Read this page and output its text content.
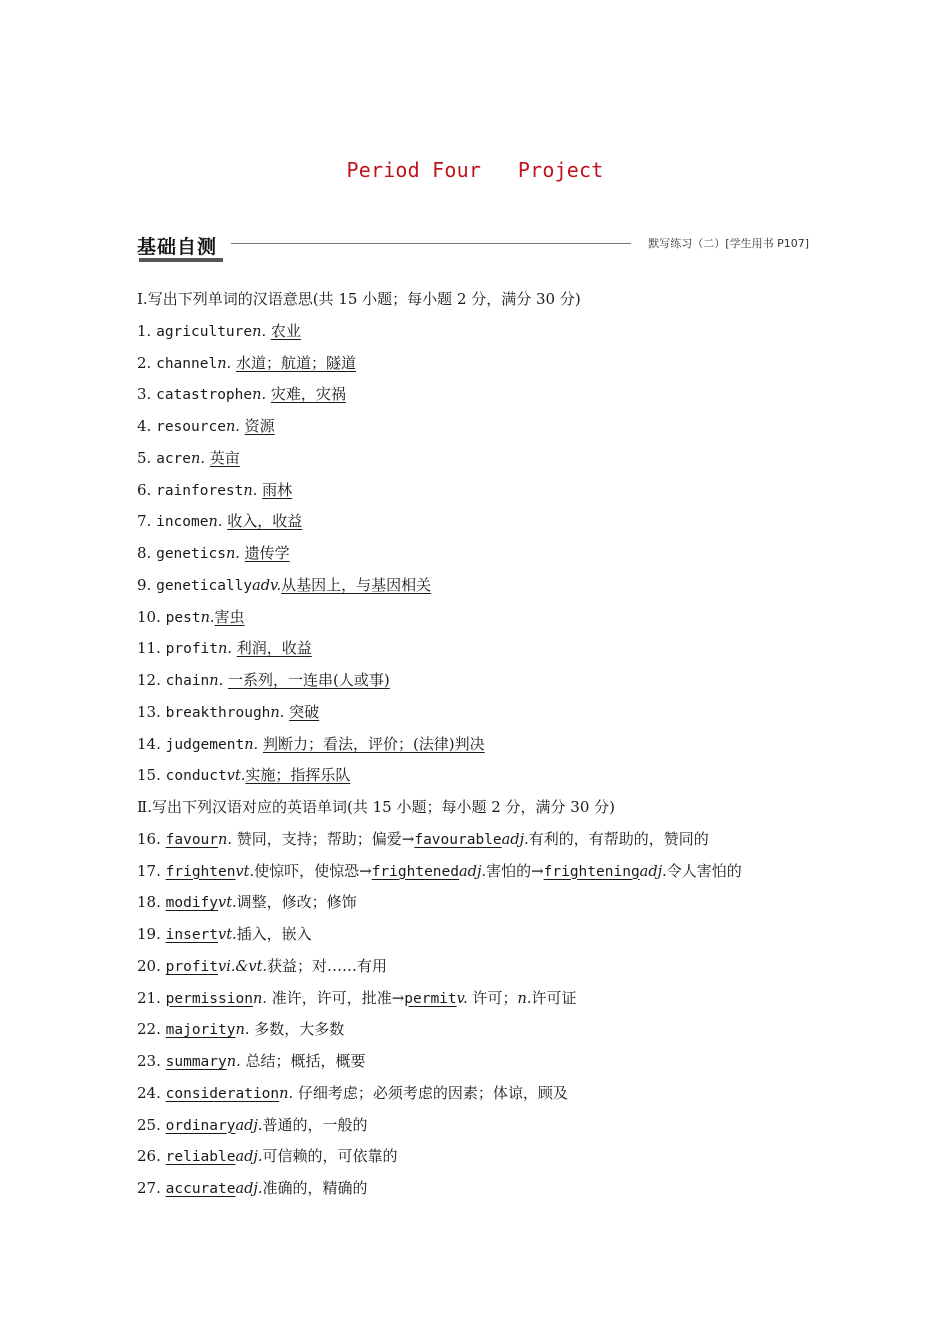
Period Four   Project
基础自测	默写练习（二）[学生用书 P107]
Ⅰ.写出下列单词的汉语意思(共 15 小题；每小题 2 分，满分 30 分)
1. agriculturen. 农业
2. channeln. 水道；航道；隧道
3. catastrophen. 灾难，灾祸
4. resourcen. 资源
5. acren. 英亩
6. rainforestn. 雨林
7. incomen. 收入，收益
8. geneticsn. 遗传学
9. geneticallyadv.从基因上，与基因相关
10. pestn.害虫
11. profitn. 利润，收益
12. chainn. 一系列，一连串(人或事)
13. breakthroughn. 突破
14. judgementn. 判断力；看法，评价；(法律)判决
15. conductvt.实施；指挥乐队
Ⅱ.写出下列汉语对应的英语单词(共 15 小题；每小题 2 分，满分 30 分)
16. favourn. 赞同，支持；帮助；偏爱→favourableadj.有利的，有帮助的，赞同的
17. frightenvt.使惊吓，使惊恐→frightenedadj.害怕的→frighteningadj.令人害怕的
18. modifyvt.调整，修改；修饰
19. insertvt.插入，嵌入
20. profitvi.&vt.获益；对……有用
21. permissionn. 准许，许可，批准→permitv. 许可；n.许可证
22. majorityn. 多数，大多数
23. summaryn. 总结；概括，概要
24. considerationn. 仔细考虑；必须考虑的因素；体谅，顾及
25. ordinaryadj.普通的，一般的
26. reliableadj.可信赖的，可依靠的
27. accurateadj.准确的，精确的
